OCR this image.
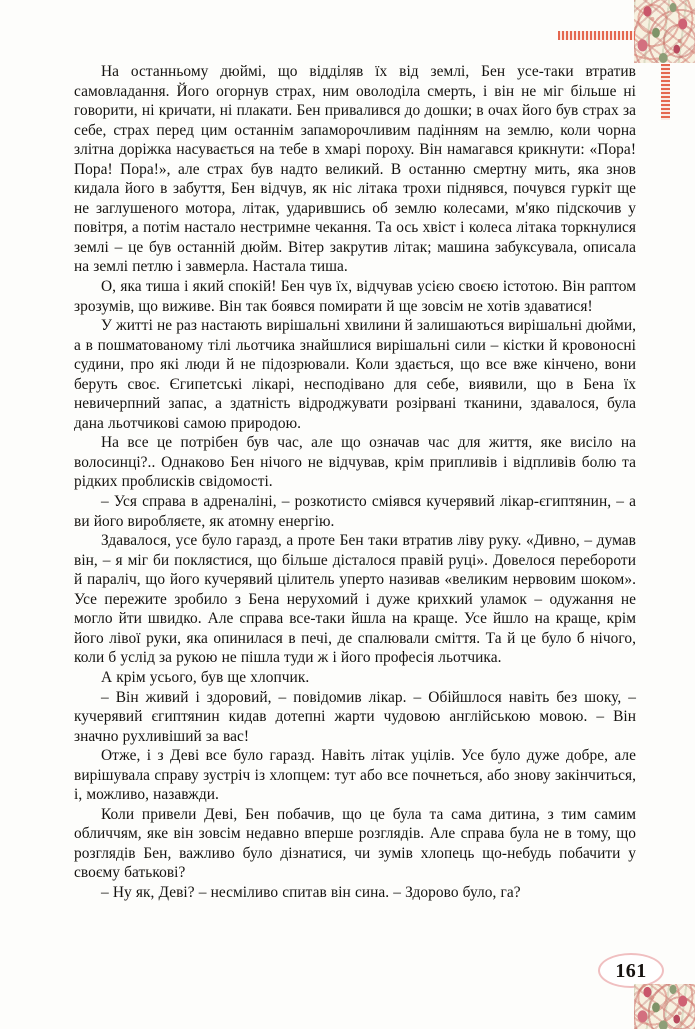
На останньому дюймі, що відділяв їх від землі, Бен усе-таки втратив самовладання. Його огорнув страх, ним оволоділа смерть, і він не міг більше ні говорити, ні кричати, ні плакати. Бен привалився до дошки; в очах його був страх за себе, страх перед цим останнім запаморочливим падінням на землю, коли чорна злітна доріжка насувається на тебе в хмарі пороху. Він намагався крикнути: «Пора! Пора! Пора!», але страх був надто великий. В останню смертну мить, яка знов кидала його в забуття, Бен відчув, як ніс літака трохи піднявся, почувся гуркіт ще не заглушеного мотора, літак, ударившись об землю колесами, м'яко підскочив у повітря, а потім настало нестримне чекання. Та ось хвіст і колеса літака торкнулися землі – це був останній дюйм. Вітер закрутив літак; машина забуксувала, описала на землі петлю і завмерла. Настала тиша.

О, яка тиша і який спокій! Бен чув їх, відчував усією своєю істотою. Він раптом зрозумів, що виживе. Він так боявся помирати й ще зовсім не хотів здаватися!

У житті не раз настають вирішальні хвилини й залишаються вирішальні дюйми, а в пошматованому тілі льотчика знайшлися вирішальні сили – кістки й кровоносні судини, про які люди й не підозрювали. Коли здається, що все вже кінчено, вони беруть своє. Єгипетські лікарі, несподівано для себе, виявили, що в Бена їх невичерпний запас, а здатність відроджувати розірвані тканини, здавалося, була дана льотчикові самою природою.

На все це потрібен був час, але що означав час для життя, яке висіло на волосинці?.. Однаково Бен нічого не відчував, крім припливів і відпливів болю та рідких проблисків свідомості.

– Уся справа в адреналіні, – розкотисто сміявся кучерявий лікар-єгиптянин, – а ви його виробляєте, як атомну енергію.

Здавалося, усе було гаразд, а проте Бен таки втратив ліву руку. «Дивно, – думав він, – я міг би поклястися, що більше дісталося правій руці». Довелося перебороти й параліч, що його кучерявий цілитель уперто називав «великим нервовим шоком». Усе пережите зробило з Бена нерухомий і дуже крихкий уламок – одужання не могло йти швидко. Але справа все-таки йшла на краще. Усе йшло на краще, крім його лівої руки, яка опинилася в печі, де спалювали сміття. Та й це було б нічого, коли б услід за рукою не пішла туди ж і його професія льотчика.

А крім усього, був ще хлопчик.

– Він живий і здоровий, – повідомив лікар. – Обійшлося навіть без шоку, – кучерявий єгиптянин кидав дотепні жарти чудовою англійською мовою. – Він значно рухливіший за вас!

Отже, і з Деві все було гаразд. Навіть літак уцілів. Усе було дуже добре, але вирішувала справу зустріч із хлопцем: тут або все почнеться, або знову закінчиться, і, можливо, назавжди.

Коли привели Деві, Бен побачив, що це була та сама дитина, з тим самим обличчям, яке він зовсім недавно вперше розглядів. Але справа була не в тому, що розглядів Бен, важливо було дізнатися, чи зумів хлопець що-небудь побачити у своєму батькові?

– Ну як, Деві? – несміливо спитав він сина. – Здорово було, га?

161
